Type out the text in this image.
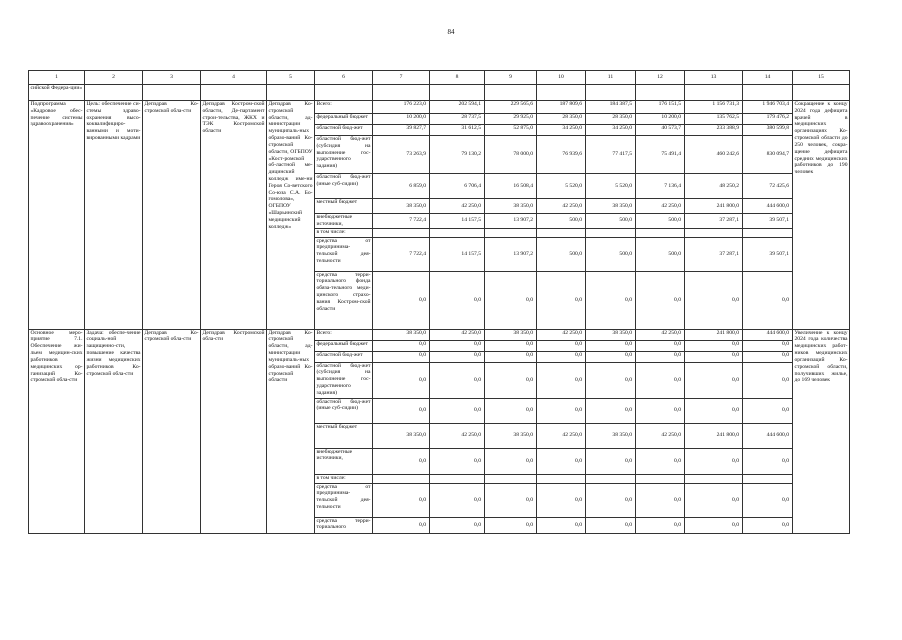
84
1	2	3	4	5	6	7	8	9	10	11	12	13	14	15
сийской Федера-ции»														
Подпрограмма «Кадровое обес-печение системы здравоохранения»	Цель: обеспечение си-стемы здраво-охранения высо-коквалифициро-ванными и моти-вированными кадрами	Депздрав Ко-стромской обла-сти	Депздрав Костром-ской области, Де-партамент строи-тельства, ЖКХ и ТЭК Костромской области	Депздрав Ко-стромской области, ад-министрации муниципаль-ных образо-ваний Ко-стромской области, ОГБПОУ «Кост-ромской об-ластной ме-дицинский колледж име-ни Героя Со-ветского Со-юза С.А. Бо-гомолова», ОГБПОУ «Шарьинский медицинский колледж»	Всего:	176 223,0	202 594,1	229 565,6	187 809,6	184 387,5	176 151,5	1 156 731,3	1 946 703,4	Сокращение к концу 2024 года дефицита врачей в медицинских организациях Ко-стромской области до 250 человек, сокра-щение дефицита средних медицинских работников до 190 человек
					федеральный бюджет	10 200,0	28 737,5	29 925,0	28 350,0	28 350,0	10 200,0	135 762,5	179 476,2	
					областной бюд-жет	39 827,7	31 612,5	52 875,0	34 250,0	34 250,0	40 573,7	233 388,9	380 599,8	
					областной бюд-жет (субсидия на выполнение гос-ударственного задания)	73 263,9	79 130,2	78 000,0	76 939,6	77 417,5	75 491,4	460 242,6	830 094,7	
					областной бюд-жет (иные суб-сидии)	6 859,0	6 706,4	16 508,4	5 520,0	5 520,0	7 136,4	48 250,2	72 425,6	
					местный бюджет	38 350,0	42 250,0	38 350,0	42 250,0	38 350,0	42 250,0	241 800,0	444 600,0	
					внебюджетные источники,	7 722,4	14 157,5	13 907,2	500,0	500,0	500,0	37 287,1	39 507,1	
					в том числе:									
					средства от предпринима-тельской дея-тельности	7 722,4	14 157,5	13 907,2	500,0	500,0	500,0	37 287,1	39 507,1	
					средства терри-ториального фонда обяза-тельного меди-цинского страхо-вания Костром-ской области	0,0	0,0	0,0	0,0	0,0	0,0	0,0	0,0	
Основное меро-приятие 7.1. Обеспечение жи-льем медицин-ских работников медицинских ор-ганизаций Ко-стромской обла-сти	Задача: обеспе-чение социаль-ной защищенно-сти, повышение качества жизни медицинских работников Ко-стромской обла-сти	Депздрав Ко-стромской обла-сти	Депздрав Костромской обла-сти	Депздрав Ко-стромской области, ад-министрации муниципаль-ных образо-ваний Ко-стромской области	Всего:	38 350,0	42 250,0	38 350,0	42 250,0	38 350,0	42 250,0	241 800,0	444 600,0	Увеличение к концу 2024 года количества медицинских работ-ников медицинских организаций Ко-стромской области, получивших жилье, до 169 человек
					федеральный бюджет	0,0	0,0	0,0	0,0	0,0	0,0	0,0	0,0	
					областной бюд-жет	0,0	0,0	0,0	0,0	0,0	0,0	0,0	0,0	
					областной бюд-жет (субсидия на выполнение гос-ударственного задания)	0,0	0,0	0,0	0,0	0,0	0,0	0,0	0,0	
					областной бюд-жет (иные суб-сидии)	0,0	0,0	0,0	0,0	0,0	0,0	0,0	0,0	
					местный бюджет	38 350,0	42 250,0	38 350,0	42 250,0	38 350,0	42 250,0	241 800,0	444 600,0	
					внебюджетные источники,	0,0	0,0	0,0	0,0	0,0	0,0	0,0	0,0	
					в том числе:									
					средства от предпринима-тельской дея-тельности	0,0	0,0	0,0	0,0	0,0	0,0	0,0	0,0	
					средства терри-ториального	0,0	0,0	0,0	0,0	0,0	0,0	0,0	0,0	
